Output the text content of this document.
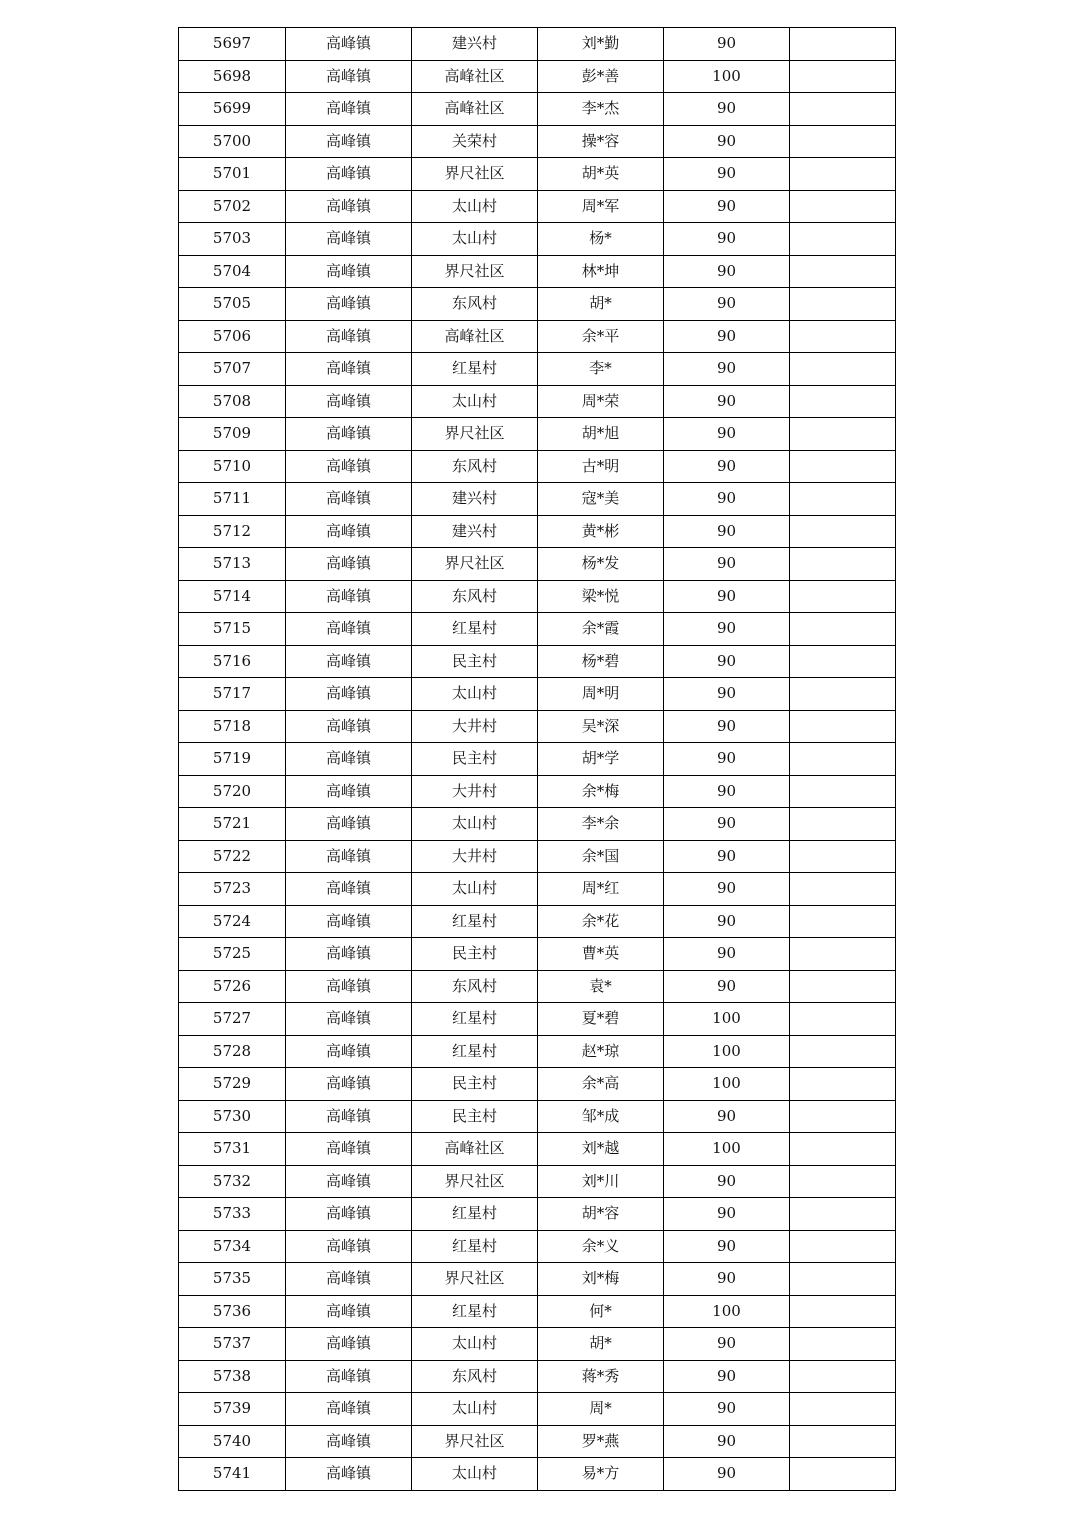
5697	高峰镇	建兴村	刘*勤	90	
5698	高峰镇	高峰社区	彭*善	100	
5699	高峰镇	高峰社区	李*杰	90	
5700	高峰镇	关荣村	操*容	90	
5701	高峰镇	界尺社区	胡*英	90	
5702	高峰镇	太山村	周*军	90	
5703	高峰镇	太山村	杨*	90	
5704	高峰镇	界尺社区	林*坤	90	
5705	高峰镇	东风村	胡*	90	
5706	高峰镇	高峰社区	余*平	90	
5707	高峰镇	红星村	李*	90	
5708	高峰镇	太山村	周*荣	90	
5709	高峰镇	界尺社区	胡*旭	90	
5710	高峰镇	东风村	古*明	90	
5711	高峰镇	建兴村	寇*美	90	
5712	高峰镇	建兴村	黄*彬	90	
5713	高峰镇	界尺社区	杨*发	90	
5714	高峰镇	东风村	梁*悦	90	
5715	高峰镇	红星村	余*霞	90	
5716	高峰镇	民主村	杨*碧	90	
5717	高峰镇	太山村	周*明	90	
5718	高峰镇	大井村	吴*深	90	
5719	高峰镇	民主村	胡*学	90	
5720	高峰镇	大井村	余*梅	90	
5721	高峰镇	太山村	李*余	90	
5722	高峰镇	大井村	余*国	90	
5723	高峰镇	太山村	周*红	90	
5724	高峰镇	红星村	余*花	90	
5725	高峰镇	民主村	曹*英	90	
5726	高峰镇	东风村	袁*	90	
5727	高峰镇	红星村	夏*碧	100	
5728	高峰镇	红星村	赵*琼	100	
5729	高峰镇	民主村	余*高	100	
5730	高峰镇	民主村	邹*成	90	
5731	高峰镇	高峰社区	刘*越	100	
5732	高峰镇	界尺社区	刘*川	90	
5733	高峰镇	红星村	胡*容	90	
5734	高峰镇	红星村	余*义	90	
5735	高峰镇	界尺社区	刘*梅	90	
5736	高峰镇	红星村	何*	100	
5737	高峰镇	太山村	胡*	90	
5738	高峰镇	东风村	蒋*秀	90	
5739	高峰镇	太山村	周*	90	
5740	高峰镇	界尺社区	罗*燕	90	
5741	高峰镇	太山村	易*方	90	
